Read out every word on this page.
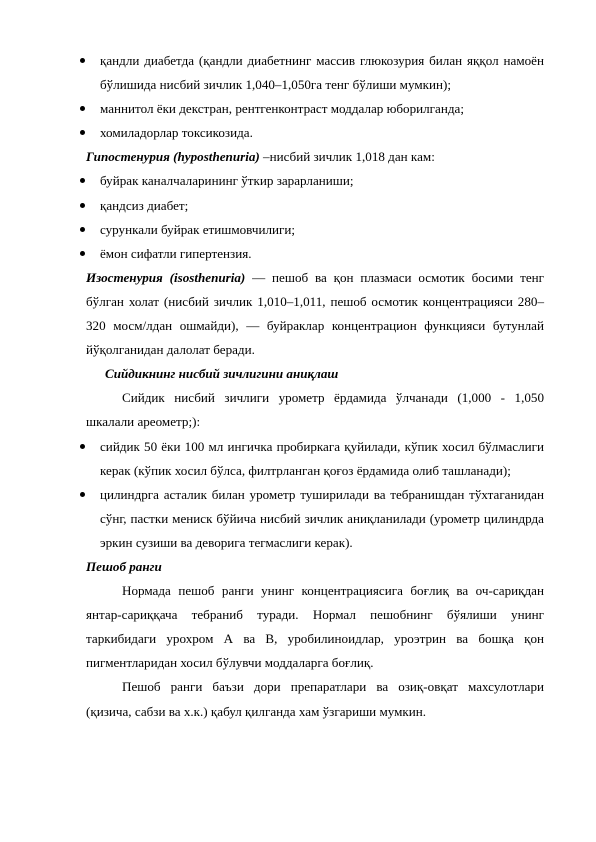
қандли диабетда (қандли диабетнинг массив глюкозурия билан яққол намоён бўлишида нисбий зичлик 1,040–1,050га тенг бўлиши мумкин);
маннитол ёки декстран, рентгенконтраст моддалар юборилганда;
хомиладорлар токсикозида.

Гипостенурия (hyposthenuria) –нисбий зичлик 1,018 дан кам:

буйрак каналчаларининг ўткир зарарланиши;
қандсиз диабет;
сурункали буйрак етишмовчилиги;
ёмон сифатли гипертензия.

Изостенурия (isosthenuria) — пешоб ва қон плазмаси осмотик босими тенг бўлган холат (нисбий зичлик 1,010–1,011, пешоб осмотик концентрацияси 280–320 мосм/лдан ошмайди), — буйраклар концентрацион функцияси бутунлай йўқолганидан далолат беради.

Сийдикнинг нисбий зичлигини аниқлаш

Сийдик нисбий зичлиги урометр ёрдамида ўлчанади (1,000 - 1,050 шкалали ареометр;):

сийдик 50 ёки 100 мл ингичка пробиркага қуйилади, кўпик хосил бўлмаслиги керак (кўпик хосил бўлса, филтрланган қоғоз ёрдамида олиб ташланади);
цилиндрга асталик билан урометр туширилади ва тебранишдан тўхтаганидан сўнг, пастки мениск бўйича нисбий зичлик аниқланилади (урометр цилиндрда эркин сузиши ва деворига тегмаслиги керак).

Пешоб ранги

Нормада пешоб ранги унинг концентрациясига боғлиқ ва оч-сариқдан янтар-сариққача тебраниб туради. Нормал пешобнинг бўялиши унинг таркибидаги урохром А ва В, уробилиноидлар, уроэтрин ва бошқа қон пигментларидан хосил бўлувчи моддаларга боғлиқ.

Пешоб ранги баъзи дори препаратлари ва озиқ-овқат махсулотлари (қизича, сабзи ва х.к.) қабул қилганда хам ўзгариши мумкин.
